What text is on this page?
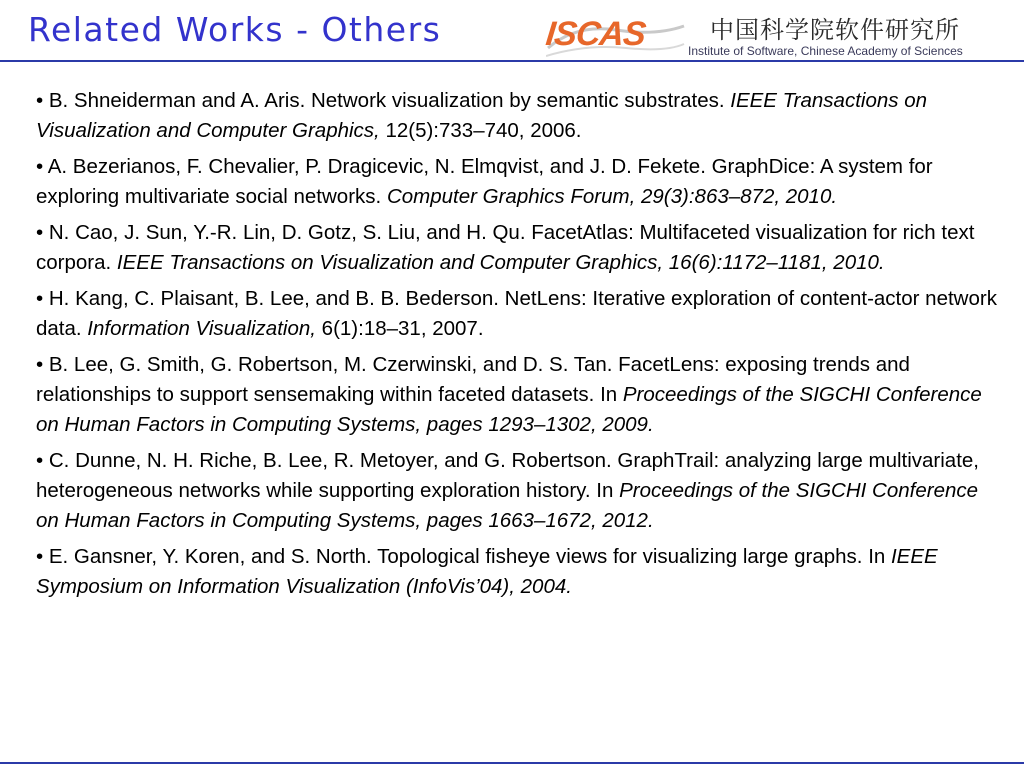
Related Works - Others	ISCAS	中国科学院软件研究所
Institute of Software, Chinese Academy of Sciences
• B. Shneiderman and A. Aris. Network visualization by semantic substrates. IEEE Transactions on Visualization and Computer Graphics, 12(5):733–740, 2006.
• A. Bezerianos, F. Chevalier, P. Dragicevic, N. Elmqvist, and J. D. Fekete. GraphDice: A system for exploring multivariate social networks. Computer Graphics Forum, 29(3):863–872, 2010.
• N. Cao, J. Sun, Y.-R. Lin, D. Gotz, S. Liu, and H. Qu. FacetAtlas: Multifaceted visualization for rich text corpora. IEEE Transactions on Visualization and Computer Graphics, 16(6):1172–1181, 2010.
• H. Kang, C. Plaisant, B. Lee, and B. B. Bederson. NetLens: Iterative exploration of content-actor network data. Information Visualization, 6(1):18–31, 2007.
• B. Lee, G. Smith, G. Robertson, M. Czerwinski, and D. S. Tan. FacetLens: exposing trends and relationships to support sensemaking within faceted datasets. In Proceedings of the SIGCHI Conference on Human Factors in Computing Systems, pages 1293–1302, 2009.
• C. Dunne, N. H. Riche, B. Lee, R. Metoyer, and G. Robertson. GraphTrail: analyzing large multivariate, heterogeneous networks while supporting exploration history. In Proceedings of the SIGCHI Conference on Human Factors in Computing Systems, pages 1663–1672, 2012.
• E. Gansner, Y. Koren, and S. North. Topological fisheye views for visualizing large graphs. In IEEE Symposium on Information Visualization (InfoVis’04), 2004.
